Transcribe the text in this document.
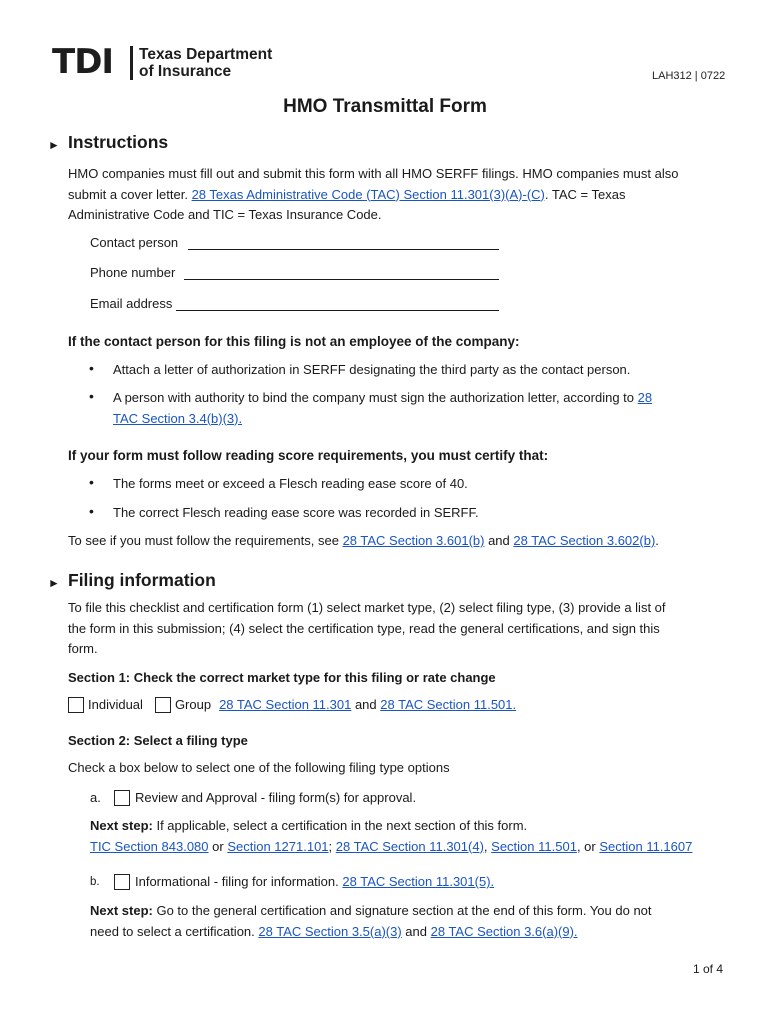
TDI Texas Department
of Insurance	LAH312 | 0722
HMO Transmittal Form
► Instructions
HMO companies must fill out and submit this form with all HMO SERFF filings. HMO companies must also
submit a cover letter. 28 Texas Administrative Code (TAC) Section 11.301(3)(A)-(C). TAC = Texas
Administrative Code and TIC = Texas Insurance Code.
Contact person
Phone number
Email address
If the contact person for this filing is not an employee of the company:
• Attach a letter of authorization in SERFF designating the third party as the contact person.
• A person with authority to bind the company must sign the authorization letter, according to 28
TAC Section 3.4(b)(3).
If your form must follow reading score requirements, you must certify that:
• The forms meet or exceed a Flesch reading ease score of 40.
• The correct Flesch reading ease score was recorded in SERFF.
To see if you must follow the requirements, see 28 TAC Section 3.601(b) and 28 TAC Section 3.602(b).
► Filing information
To file this checklist and certification form (1) select market type, (2) select filing type, (3) provide a list of
the form in this submission; (4) select the certification type, read the general certifications, and sign this
form.
Section 1: Check the correct market type for this filing or rate change
Individual Group 28 TAC Section 11.301 and 28 TAC Section 11.501.
Section 2: Select a filing type
Check a box below to select one of the following filing type options
a.	Review and Approval - filing form(s) for approval.
Next step: If applicable, select a certification in the next section of this form.
TIC Section 843.080 or Section 1271.101; 28 TAC Section 11.301(4), Section 11.501, or Section 11.1607
b.	Informational - filing for information. 28 TAC Section 11.301(5).
Next step: Go to the general certification and signature section at the end of this form. You do not
need to select a certification. 28 TAC Section 3.5(a)(3) and 28 TAC Section 3.6(a)(9).
1 of 4
